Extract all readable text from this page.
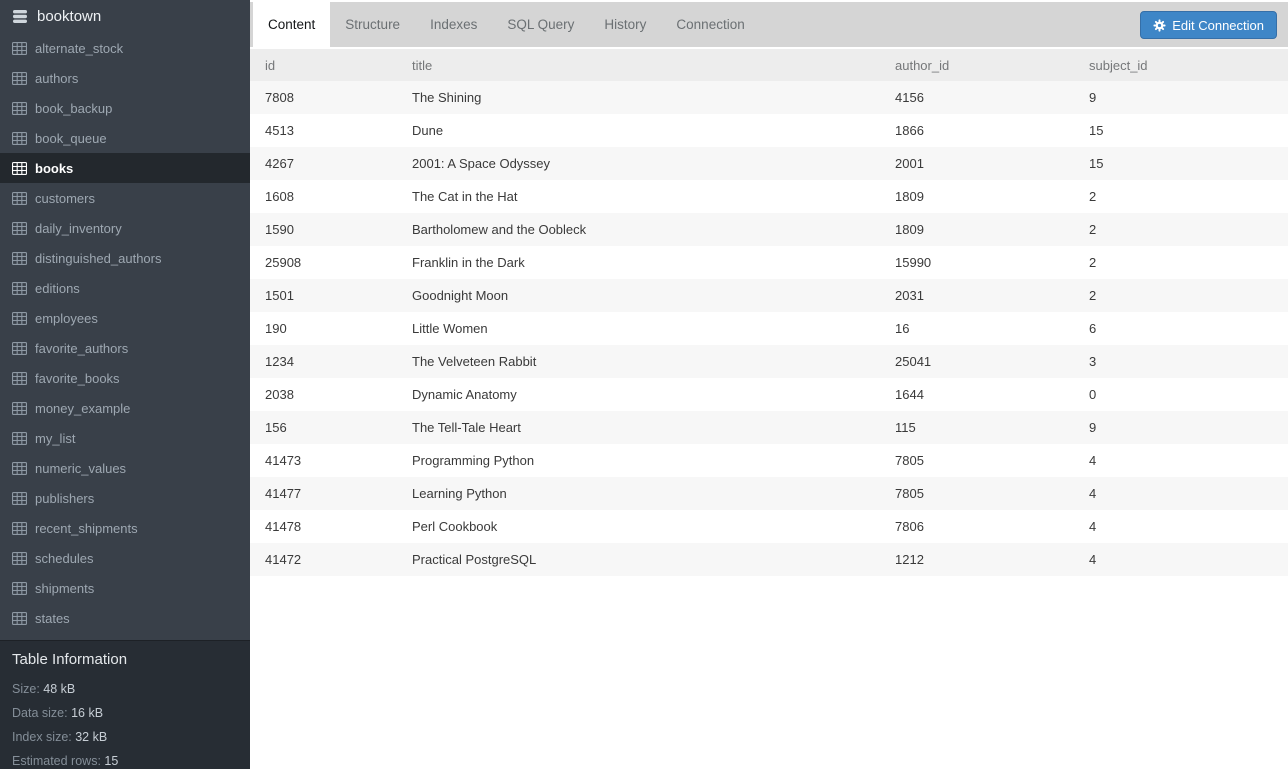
booktown
alternate_stock
authors
book_backup
book_queue
books
customers
daily_inventory
distinguished_authors
editions
employees
favorite_authors
favorite_books
money_example
my_list
numeric_values
publishers
recent_shipments
schedules
shipments
states
Table Information
Size: 48 kB
Data size: 16 kB
Index size: 32 kB
Estimated rows: 15
Content	Structure	Indexes	SQL Query	History	Connection	Edit Connection
id	title	author_id	subject_id
7808	The Shining	4156	9
4513	Dune	1866	15
4267	2001: A Space Odyssey	2001	15
1608	The Cat in the Hat	1809	2
1590	Bartholomew and the Oobleck	1809	2
25908	Franklin in the Dark	15990	2
1501	Goodnight Moon	2031	2
190	Little Women	16	6
1234	The Velveteen Rabbit	25041	3
2038	Dynamic Anatomy	1644	0
156	The Tell-Tale Heart	115	9
41473	Programming Python	7805	4
41477	Learning Python	7805	4
41478	Perl Cookbook	7806	4
41472	Practical PostgreSQL	1212	4
